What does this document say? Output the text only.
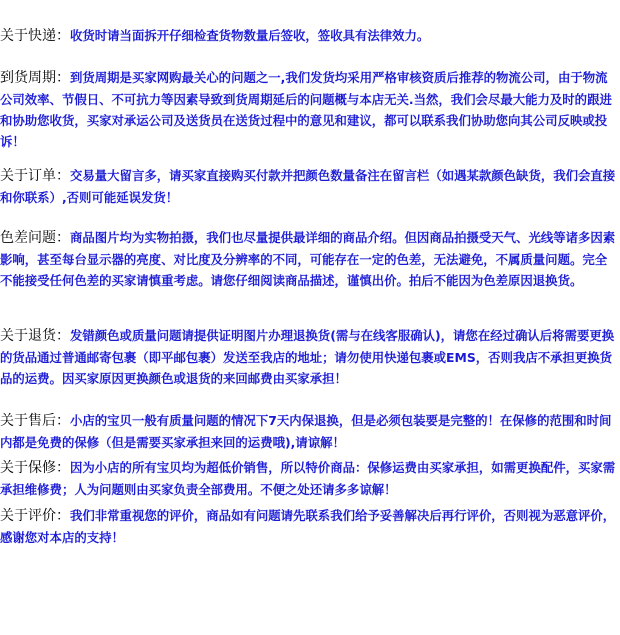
关于快递：收货时请当面拆开仔细检查货物数量后签收，签收具有法律效力。
到货周期：到货周期是买家网购最关心的问题之一,我们发货均采用严格审核资质后推荐的物流公司，由于物流公司效率、节假日、不可抗力等因素导致到货周期延后的问题概与本店无关.当然，我们会尽最大能力及时的跟进和协助您收货，买家对承运公司及送货员在送货过程中的意见和建议，都可以联系我们协助您向其公司反映或投诉！
关于订单：交易量大留言多，请买家直接购买付款并把颜色数量备注在留言栏（如遇某款颜色缺货，我们会直接和你联系）,否则可能延误发货！
色差问题：商品图片均为实物拍摄，我们也尽量提供最详细的商品介绍。但因商品拍摄受天气、光线等诸多因素影响，甚至每台显示器的亮度、对比度及分辨率的不同，可能存在一定的色差，无法避免，不属质量问题。完全不能接受任何色差的买家请慎重考虑。请您仔细阅读商品描述，谨慎出价。拍后不能因为色差原因退换货。
关于退货：发错颜色或质量问题请提供证明图片办理退换货(需与在线客服确认)，请您在经过确认后将需要更换的货品通过普通邮寄包裹（即平邮包裹）发送至我店的地址；请勿使用快递包裹或EMS，否则我店不承担更换货品的运费。因买家原因更换颜色或退货的来回邮费由买家承担！
关于售后：小店的宝贝一般有质量问题的情况下7天内保退换，但是必须包装要是完整的！在保修的范围和时间内都是免费的保修（但是需要买家承担来回的运费哦),请谅解！
关于保修：因为小店的所有宝贝均为超低价销售，所以特价商品：保修运费由买家承担，如需更换配件，买家需承担维修费；人为问题则由买家负责全部费用。不便之处还请多多谅解！
关于评价：我们非常重视您的评价，商品如有问题请先联系我们给予妥善解决后再行评价，否则视为恶意评价，感谢您对本店的支持！
